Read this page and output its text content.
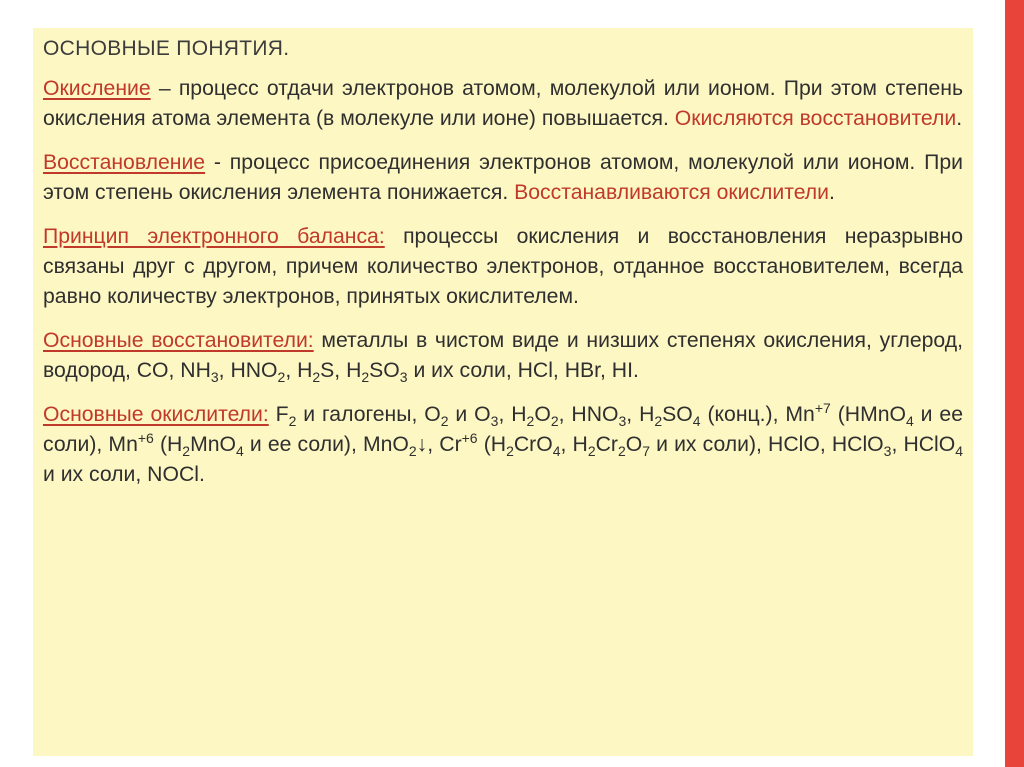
ОСНОВНЫЕ ПОНЯТИЯ.

Окисление – процесс отдачи электронов атомом, молекулой или ионом. При этом степень окисления атома элемента (в молекуле или ионе) повышается. Окисляются восстановители.

Восстановление - процесс присоединения электронов атомом, молекулой или ионом. При этом степень окисления элемента понижается. Восстанавливаются окислители.

Принцип электронного баланса: процессы окисления и восстановления неразрывно связаны друг с другом, причем количество электронов, отданное восстановителем, всегда равно количеству электронов, принятых окислителем.

Основные восстановители: металлы в чистом виде и низших степенях окисления, углерод, водород, CO, $NH_3$, $HNO_2$, $H_2S$, $H_2SO_3$ и их соли, HCl, HBr, HI.

Основные окислители: $F_2$ и галогены, $O_2$ и $O_3$, $H_2O_2$, $HNO_3$, $H_2SO_4$ (конц.), $Mn^{+7}$ (HMnO$_4$ и ее соли), $Mn^{+6}$ ($H_2MnO_4$ и ее соли), MnO$_2$↓, $Cr^{+6}$ ($H_2CrO_4$, $H_2Cr_2O_7$ и их соли), HClO, HClO$_3$, HClO$_4$ и их соли, NOCl.
